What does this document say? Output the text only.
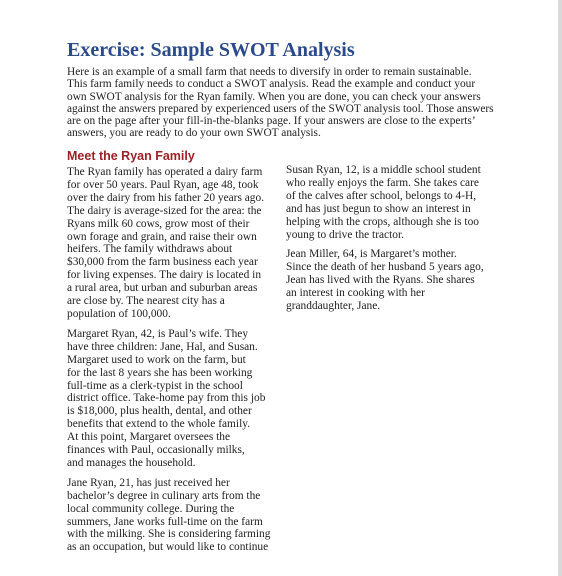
Exercise: Sample SWOT Analysis

Here is an example of a small farm that needs to diversify in order to remain sustainable.
This farm family needs to conduct a SWOT analysis. Read the example and conduct your
own SWOT analysis for the Ryan family. When you are done, you can check your answers
against the answers prepared by experienced users of the SWOT analysis tool. Those answers
are on the page after your fill-in-the-blanks page. If your answers are close to the experts’
answers, you are ready to do your own SWOT analysis.

Meet the Ryan Family

The Ryan family has operated a dairy farm
for over 50 years. Paul Ryan, age 48, took
over the dairy from his father 20 years ago.
The dairy is average-sized for the area: the
Ryans milk 60 cows, grow most of their
own forage and grain, and raise their own
heifers. The family withdraws about
$30,000 from the farm business each year
for living expenses. The dairy is located in
a rural area, but urban and suburban areas
are close by. The nearest city has a
population of 100,000.

Margaret Ryan, 42, is Paul’s wife. They
have three children: Jane, Hal, and Susan.
Margaret used to work on the farm, but
for the last 8 years she has been working
full-time as a clerk-typist in the school
district office. Take-home pay from this job
is $18,000, plus health, dental, and other
benefits that extend to the whole family.
At this point, Margaret oversees the
finances with Paul, occasionally milks,
and manages the household.

Jane Ryan, 21, has just received her
bachelor’s degree in culinary arts from the
local community college. During the
summers, Jane works full-time on the farm
with the milking. She is considering farming
as an occupation, but would like to continue

Susan Ryan, 12, is a middle school student
who really enjoys the farm. She takes care
of the calves after school, belongs to 4-H,
and has just begun to show an interest in
helping with the crops, although she is too
young to drive the tractor.

Jean Miller, 64, is Margaret’s mother.
Since the death of her husband 5 years ago,
Jean has lived with the Ryans. She shares
an interest in cooking with her
granddaughter, Jane.
